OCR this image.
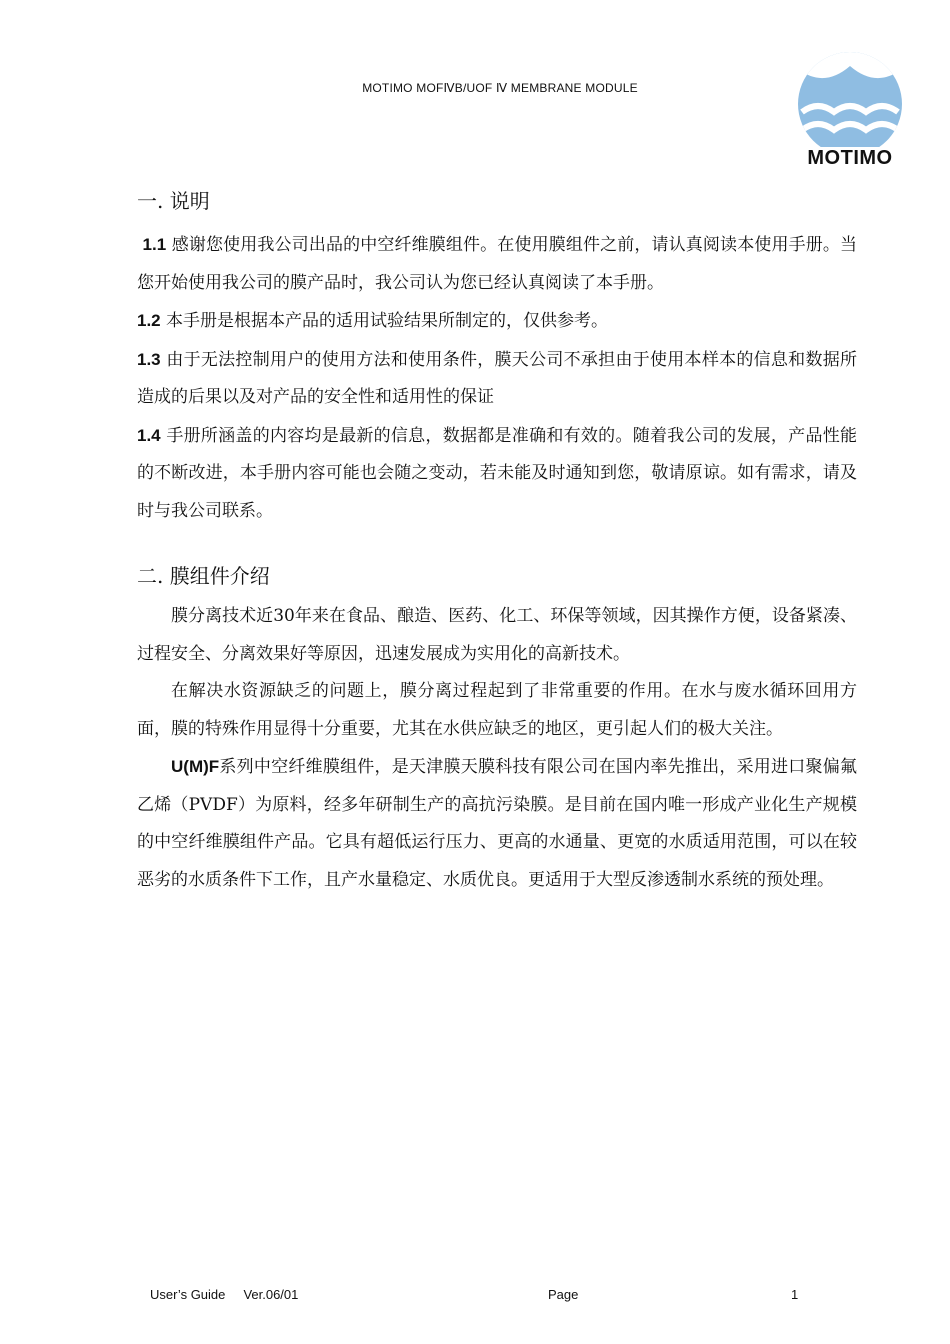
MOTIMO MOFⅣB/UOF Ⅳ MEMBRANE MODULE
MOTIMO
一. 说明
1.1 感谢您使用我公司出品的中空纤维膜组件。在使用膜组件之前，请认真阅读本使用手册。当您开始使用我公司的膜产品时，我公司认为您已经认真阅读了本手册。
1.2 本手册是根据本产品的适用试验结果所制定的，仅供参考。
1.3 由于无法控制用户的使用方法和使用条件，膜天公司不承担由于使用本样本的信息和数据所造成的后果以及对产品的安全性和适用性的保证
1.4 手册所涵盖的内容均是最新的信息，数据都是准确和有效的。随着我公司的发展，产品性能的不断改进，本手册内容可能也会随之变动，若未能及时通知到您，敬请原谅。如有需求，请及时与我公司联系。
二. 膜组件介绍
膜分离技术近30年来在食品、酿造、医药、化工、环保等领域，因其操作方便，设备紧凑、过程安全、分离效果好等原因，迅速发展成为实用化的高新技术。
在解决水资源缺乏的问题上，膜分离过程起到了非常重要的作用。在水与废水循环回用方面，膜的特殊作用显得十分重要，尤其在水供应缺乏的地区，更引起人们的极大关注。
U(M)F系列中空纤维膜组件，是天津膜天膜科技有限公司在国内率先推出，采用进口聚偏氟乙烯（PVDF）为原料，经多年研制生产的高抗污染膜。是目前在国内唯一形成产业化生产规模的中空纤维膜组件产品。它具有超低运行压力、更高的水通量、更宽的水质适用范围，可以在较恶劣的水质条件下工作，且产水量稳定、水质优良。更适用于大型反渗透制水系统的预处理。
User’s Guide     Ver.06/01	Page	1
